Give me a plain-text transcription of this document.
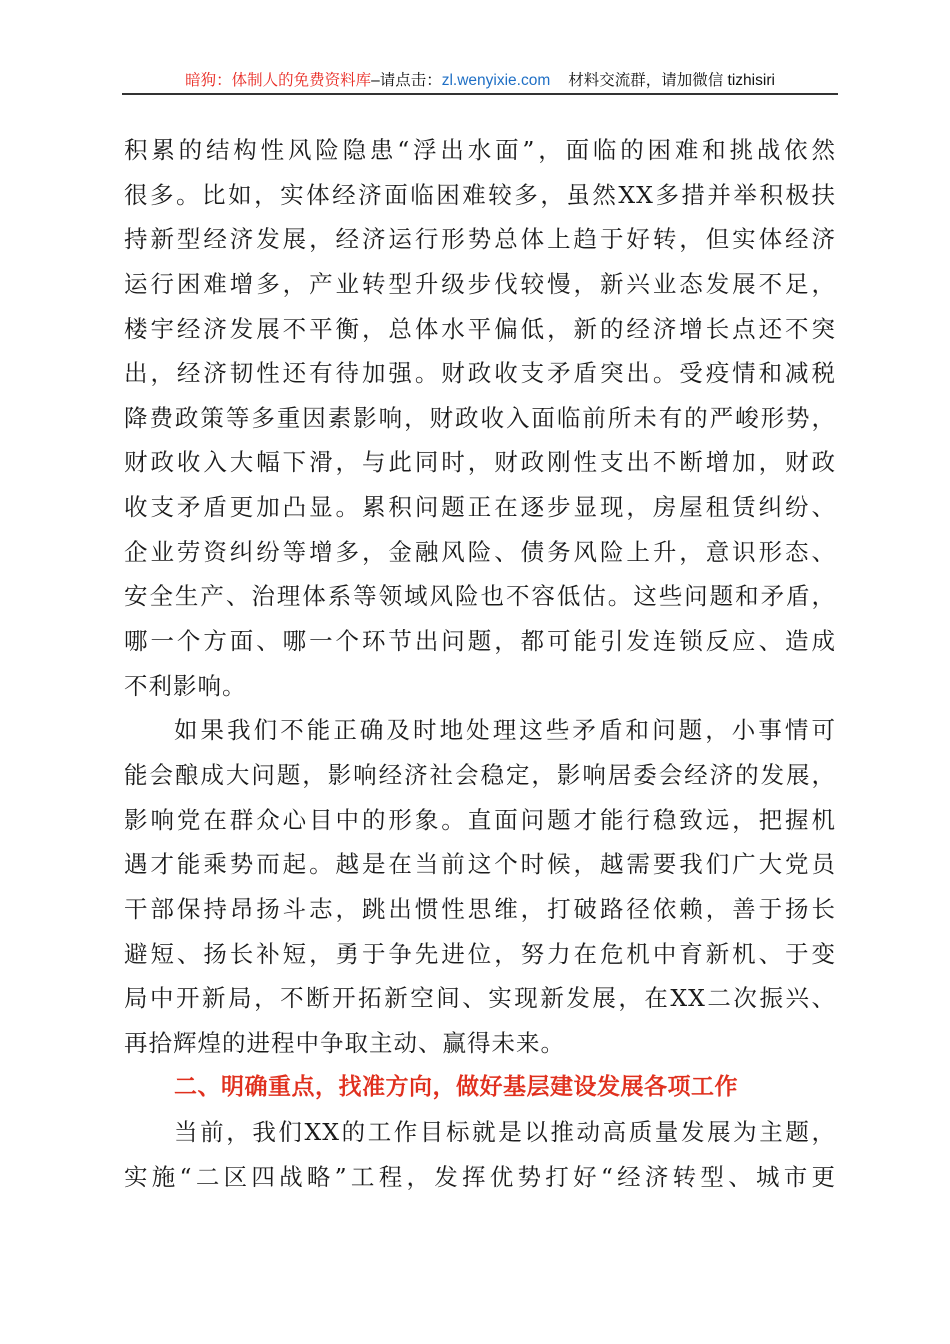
暗狗：体制人的免费资料库–请点击：zl.wenyixie.com 材料交流群，请加微信 tizhisiri
积累的结构性风险隐患“浮出水面”，面临的困难和挑战依然
很多。比如，实体经济面临困难较多，虽然XX多措并举积极扶
持新型经济发展，经济运行形势总体上趋于好转，但实体经济
运行困难增多，产业转型升级步伐较慢，新兴业态发展不足，
楼宇经济发展不平衡，总体水平偏低，新的经济增长点还不突
出，经济韧性还有待加强。财政收支矛盾突出。受疫情和减税
降费政策等多重因素影响，财政收入面临前所未有的严峻形势，
财政收入大幅下滑，与此同时，财政刚性支出不断增加，财政
收支矛盾更加凸显。累积问题正在逐步显现，房屋租赁纠纷、
企业劳资纠纷等增多，金融风险、债务风险上升，意识形态、
安全生产、治理体系等领域风险也不容低估。这些问题和矛盾，
哪一个方面、哪一个环节出问题，都可能引发连锁反应、造成
不利影响。
如果我们不能正确及时地处理这些矛盾和问题，小事情可
能会酿成大问题，影响经济社会稳定，影响居委会经济的发展，
影响党在群众心目中的形象。直面问题才能行稳致远，把握机
遇才能乘势而起。越是在当前这个时候，越需要我们广大党员
干部保持昂扬斗志，跳出惯性思维，打破路径依赖，善于扬长
避短、扬长补短，勇于争先进位，努力在危机中育新机、于变
局中开新局，不断开拓新空间、实现新发展，在XX二次振兴、
再拾辉煌的进程中争取主动、赢得未来。
二、明确重点，找准方向，做好基层建设发展各项工作
当前，我们XX的工作目标就是以推动高质量发展为主题，
实施“二区四战略”工程，发挥优势打好“经济转型、城市更
